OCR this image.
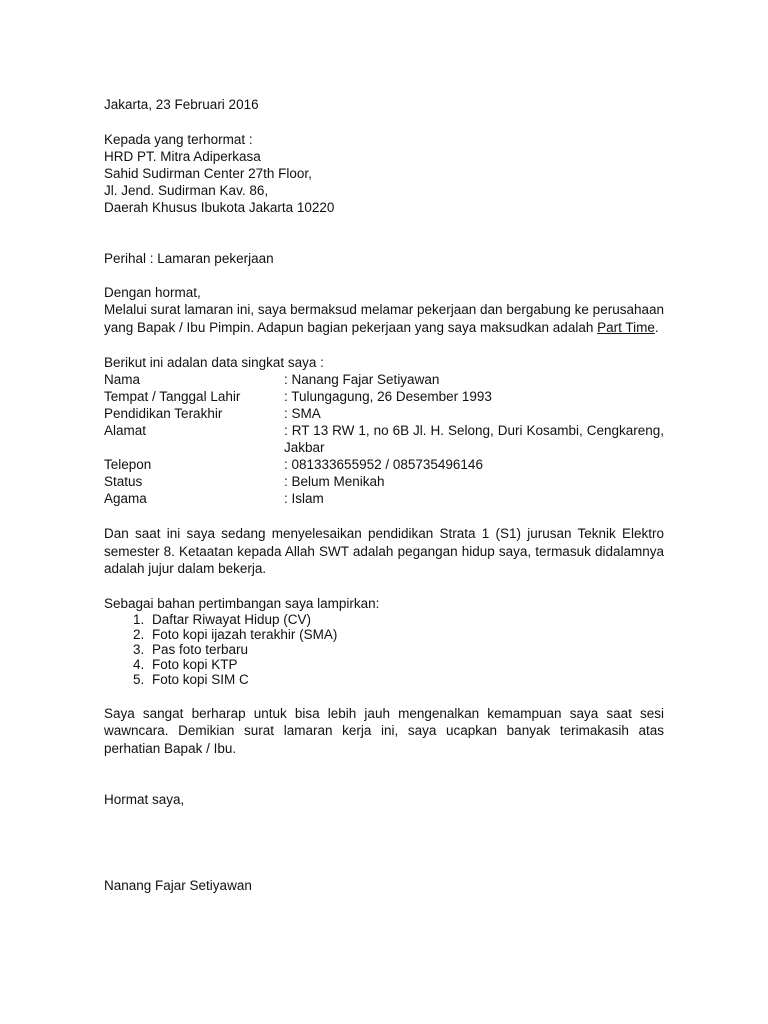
Jakarta, 23 Februari 2016
Kepada yang terhormat :
HRD PT. Mitra Adiperkasa
Sahid Sudirman Center 27th Floor,
Jl. Jend. Sudirman Kav. 86,
Daerah Khusus Ibukota Jakarta 10220
Perihal : Lamaran pekerjaan
Dengan hormat,
Melalui surat lamaran ini, saya bermaksud melamar pekerjaan dan bergabung ke perusahaan yang Bapak / Ibu Pimpin. Adapun bagian pekerjaan yang saya maksudkan adalah Part Time.
Berikut ini adalan data singkat saya :
Nama	: Nanang Fajar Setiyawan
Tempat / Tanggal Lahir	: Tulungagung, 26 Desember 1993
Pendidikan Terakhir	: SMA
Alamat	: RT 13 RW 1, no 6B Jl. H. Selong, Duri Kosambi, Cengkareng, Jakbar
Telepon	: 081333655952 / 085735496146
Status	: Belum Menikah
Agama	: Islam
Dan saat ini saya sedang menyelesaikan pendidikan Strata 1 (S1) jurusan Teknik Elektro semester 8. Ketaatan kepada Allah SWT adalah pegangan hidup saya, termasuk didalamnya adalah jujur dalam bekerja.
Sebagai bahan pertimbangan saya lampirkan:
1. Daftar Riwayat Hidup (CV)
2. Foto kopi ijazah terakhir (SMA)
3. Pas foto terbaru
4. Foto kopi KTP
5. Foto kopi SIM C
Saya sangat berharap untuk bisa lebih jauh mengenalkan kemampuan saya saat sesi wawncara. Demikian surat lamaran kerja ini, saya ucapkan banyak terimakasih atas perhatian Bapak / Ibu.
Hormat saya,
Nanang Fajar Setiyawan
